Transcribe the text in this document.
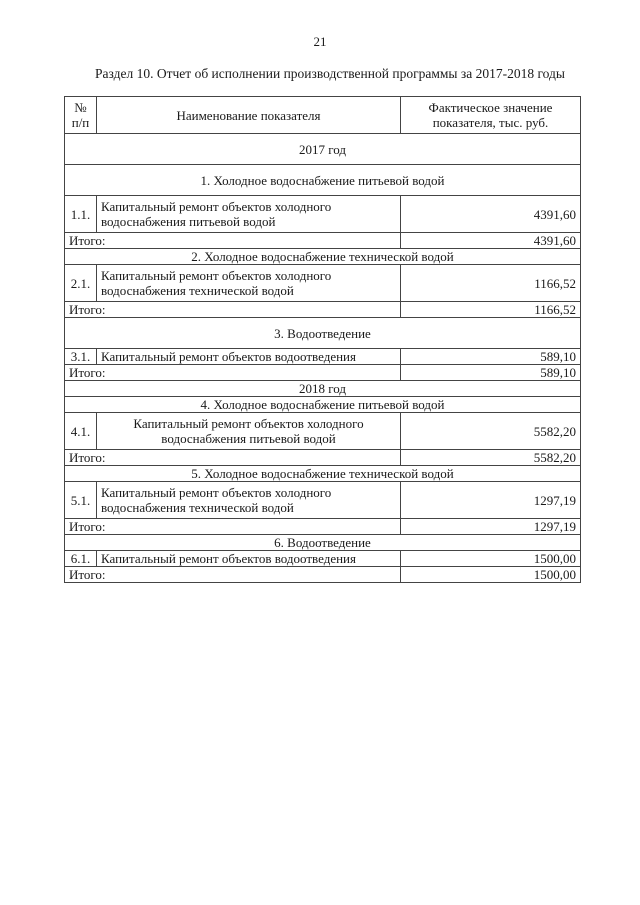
21
Раздел 10. Отчет об исполнении производственной программы за 2017-2018 годы
№ п/п	Наименование показателя	Фактическое значение показателя, тыс. руб.
2017 год		
1. Холодное водоснабжение питьевой водой		
1.1.	Капитальный ремонт объектов холодного водоснабжения питьевой водой	4391,60
Итого:		4391,60
2. Холодное водоснабжение технической водой		
2.1.	Капитальный ремонт объектов холодного водоснабжения технической водой	1166,52
Итого:		1166,52
3. Водоотведение		
3.1.	Капитальный ремонт объектов водоотведения	589,10
Итого:		589,10
2018 год		
4. Холодное водоснабжение питьевой водой		
4.1.	Капитальный ремонт объектов холодного водоснабжения питьевой водой	5582,20
Итого:		5582,20
5. Холодное водоснабжение технической водой		
5.1.	Капитальный ремонт объектов холодного водоснабжения технической водой	1297,19
Итого:		1297,19
6. Водоотведение		
6.1.	Капитальный ремонт объектов водоотведения	1500,00
Итого:		1500,00
